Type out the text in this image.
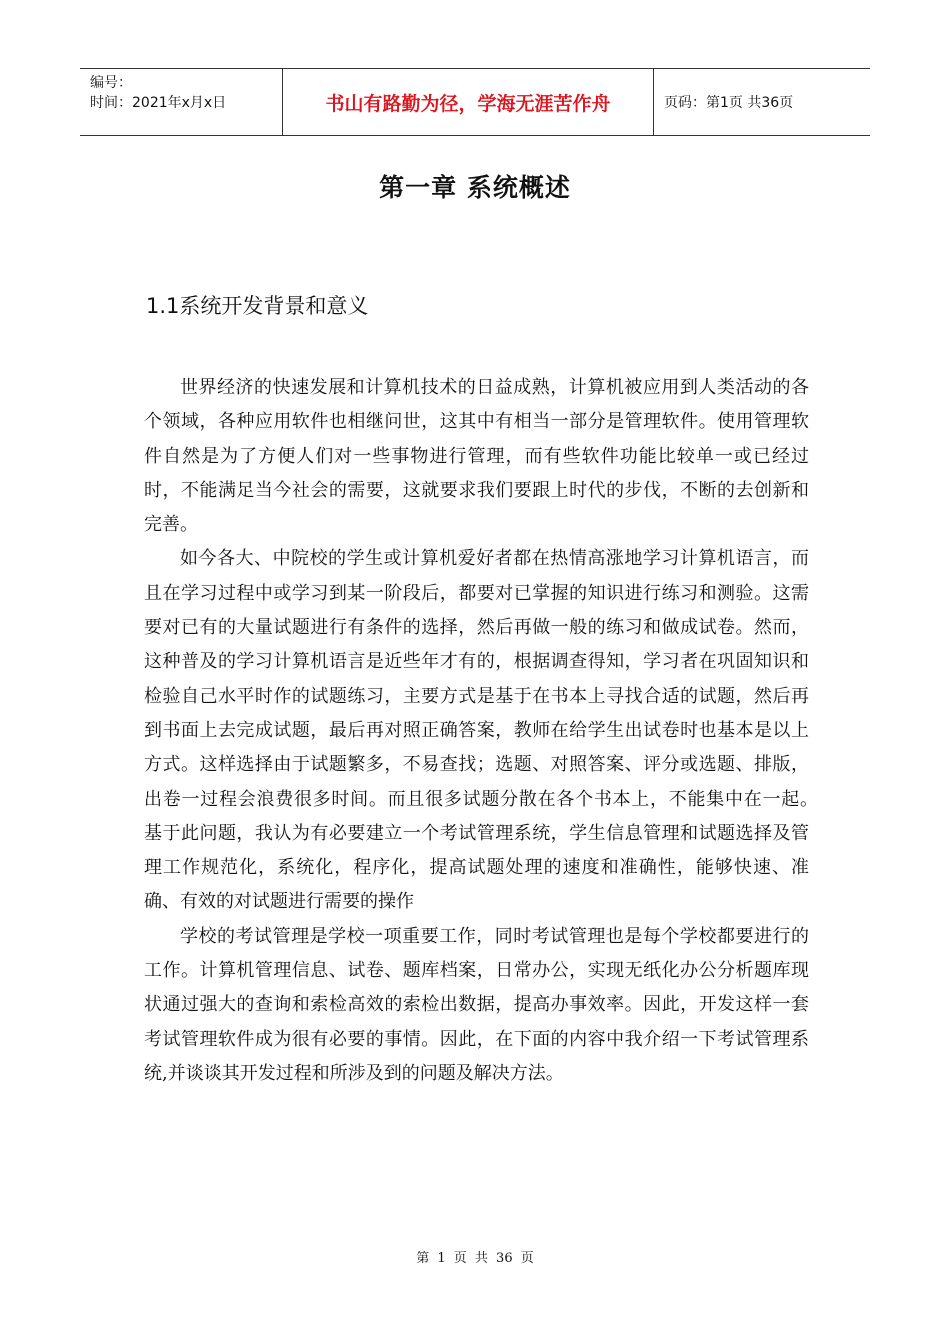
编号：
时间：2021年x月x日	书山有路勤为径，学海无涯苦作舟	页码：第1页 共36页
第一章 系统概述
1.1系统开发背景和意义

世界经济的快速发展和计算机技术的日益成熟，计算机被应用到人类活动的各个领域，各种应用软件也相继问世，这其中有相当一部分是管理软件。使用管理软件自然是为了方便人们对一些事物进行管理，而有些软件功能比较单一或已经过时，不能满足当今社会的需要，这就要求我们要跟上时代的步伐，不断的去创新和完善。

如今各大、中院校的学生或计算机爱好者都在热情高涨地学习计算机语言，而且在学习过程中或学习到某一阶段后，都要对已掌握的知识进行练习和测验。这需要对已有的大量试题进行有条件的选择，然后再做一般的练习和做成试卷。然而，这种普及的学习计算机语言是近些年才有的，根据调查得知，学习者在巩固知识和检验自己水平时作的试题练习，主要方式是基于在书本上寻找合适的试题，然后再到书面上去完成试题，最后再对照正确答案，教师在给学生出试卷时也基本是以上方式。这样选择由于试题繁多，不易查找；选题、对照答案、评分或选题、排版，出卷一过程会浪费很多时间。而且很多试题分散在各个书本上，不能集中在一起。　基于此问题，我认为有必要建立一个考试管理系统，学生信息管理和试题选择及管理工作规范化，系统化，程序化，提高试题处理的速度和准确性，能够快速、准确、有效的对试题进行需要的操作

学校的考试管理是学校一项重要工作，同时考试管理也是每个学校都要进行的工作。计算机管理信息、试卷、题库档案，日常办公，实现无纸化办公分析题库现状通过强大的查询和索检高效的索检出数据，提高办事效率。因此，开发这样一套考试管理软件成为很有必要的事情。因此，在下面的内容中我介绍一下考试管理系统,并谈谈其开发过程和所涉及到的问题及解决方法。

第 1 页 共 36 页
